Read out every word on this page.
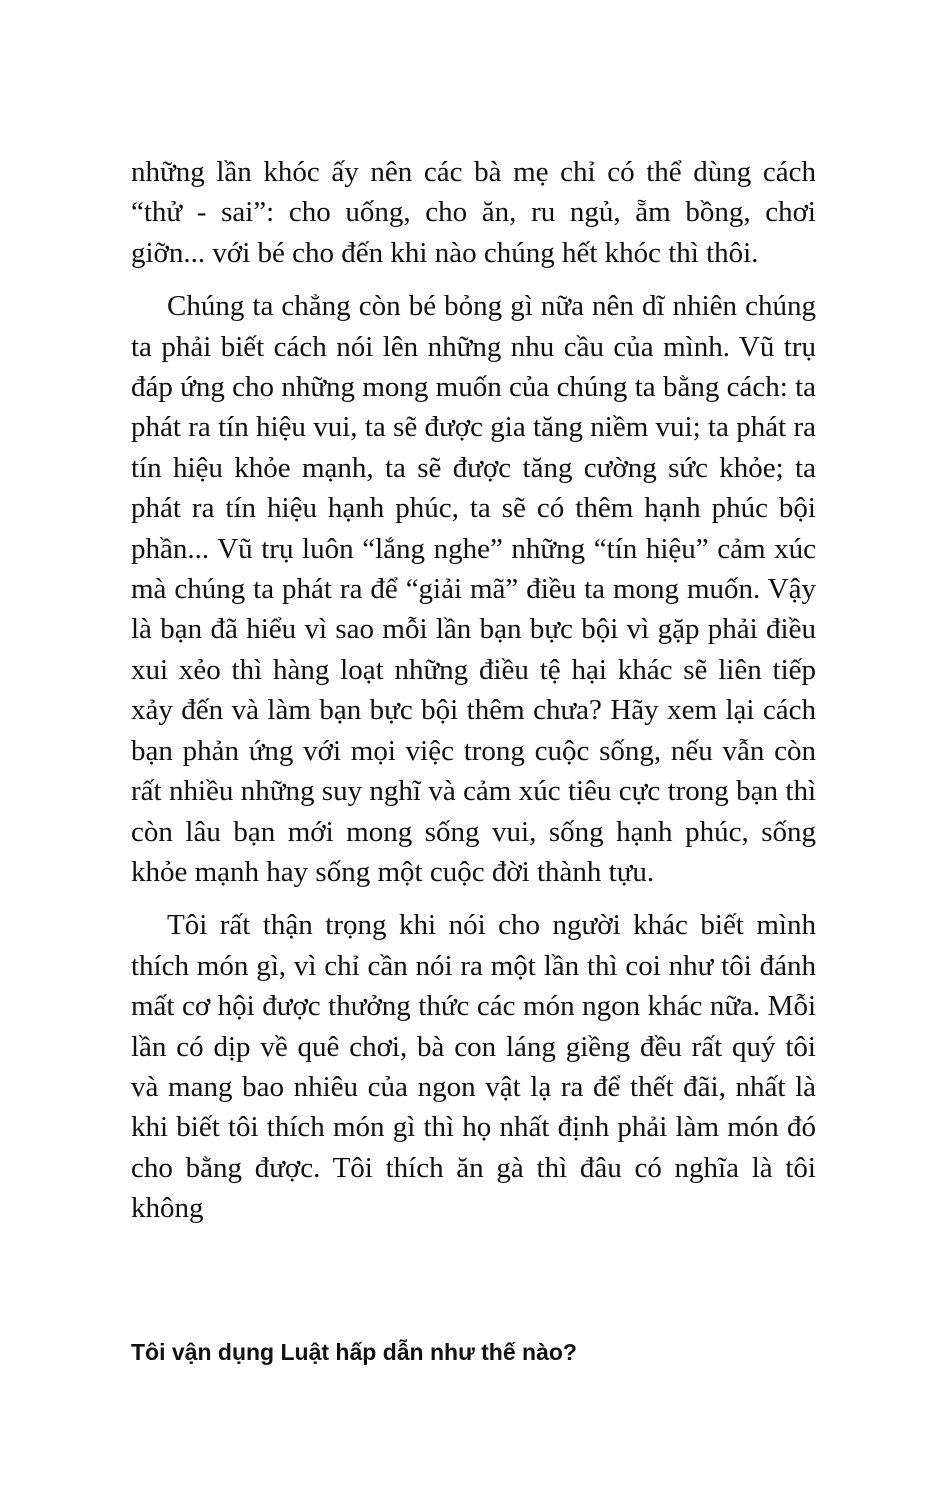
những lần khóc ấy nên các bà mẹ chỉ có thể dùng cách “thử - sai”: cho uống, cho ăn, ru ngủ, ẵm bồng, chơi giỡn... với bé cho đến khi nào chúng hết khóc thì thôi.

Chúng ta chẳng còn bé bỏng gì nữa nên dĩ nhiên chúng ta phải biết cách nói lên những nhu cầu của mình. Vũ trụ đáp ứng cho những mong muốn của chúng ta bằng cách: ta phát ra tín hiệu vui, ta sẽ được gia tăng niềm vui; ta phát ra tín hiệu khỏe mạnh, ta sẽ được tăng cường sức khỏe; ta phát ra tín hiệu hạnh phúc, ta sẽ có thêm hạnh phúc bội phần... Vũ trụ luôn “lắng nghe” những “tín hiệu” cảm xúc mà chúng ta phát ra để “giải mã” điều ta mong muốn. Vậy là bạn đã hiểu vì sao mỗi lần bạn bực bội vì gặp phải điều xui xẻo thì hàng loạt những điều tệ hại khác sẽ liên tiếp xảy đến và làm bạn bực bội thêm chưa? Hãy xem lại cách bạn phản ứng với mọi việc trong cuộc sống, nếu vẫn còn rất nhiều những suy nghĩ và cảm xúc tiêu cực trong bạn thì còn lâu bạn mới mong sống vui, sống hạnh phúc, sống khỏe mạnh hay sống một cuộc đời thành tựu.

Tôi rất thận trọng khi nói cho người khác biết mình thích món gì, vì chỉ cần nói ra một lần thì coi như tôi đánh mất cơ hội được thưởng thức các món ngon khác nữa. Mỗi lần có dịp về quê chơi, bà con láng giềng đều rất quý tôi và mang bao nhiêu của ngon vật lạ ra để thết đãi, nhất là khi biết tôi thích món gì thì họ nhất định phải làm món đó cho bằng được. Tôi thích ăn gà thì đâu có nghĩa là tôi không

Tôi vận dụng Luật hấp dẫn như thế nào?
